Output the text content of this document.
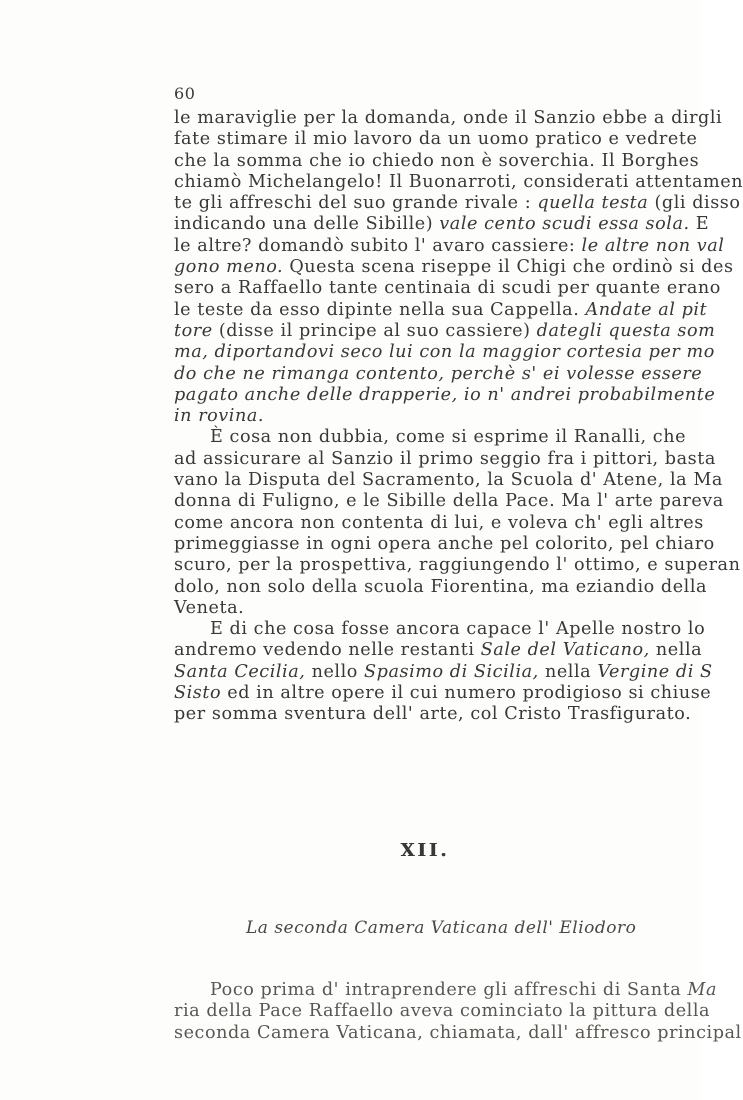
60
le maraviglie per la domanda, onde il Sanzio ebbe a dirgli
fate stimare il mio lavoro da un uomo pratico e vedrete
che la somma che io chiedo non è soverchia. Il Borghes
chiamò Michelangelo! Il Buonarroti, considerati attentamen
te gli affreschi del suo grande rivale : quella testa (gli disso
indicando una delle Sibille) vale cento scudi essa sola. E
le altre? domandò subito l' avaro cassiere: le altre non val
gono meno. Questa scena riseppe il Chigi che ordinò si des
sero a Raffaello tante centinaia di scudi per quante erano
le teste da esso dipinte nella sua Cappella. Andate al pit
tore (disse il principe al suo cassiere) dategli questa som
ma, diportandovi seco lui con la maggior cortesia per mo
do che ne rimanga contento, perchè s' ei volesse essere
pagato anche delle drapperie, io n' andrei probabilmente
in rovina.
È cosa non dubbia, come si esprime il Ranalli, che
ad assicurare al Sanzio il primo seggio fra i pittori, basta
vano la Disputa del Sacramento, la Scuola d' Atene, la Ma
donna di Fuligno, e le Sibille della Pace. Ma l' arte pareva
come ancora non contenta di lui, e voleva ch' egli altres
primeggiasse in ogni opera anche pel colorito, pel chiaro
scuro, per la prospettiva, raggiungendo l' ottimo, e superan
dolo, non solo della scuola Fiorentina, ma eziandio della
Veneta.
E di che cosa fosse ancora capace l' Apelle nostro lo
andremo vedendo nelle restanti Sale del Vaticano, nella
Santa Cecilia, nello Spasimo di Sicilia, nella Vergine di S
Sisto ed in altre opere il cui numero prodigioso si chiuse
per somma sventura dell' arte, col Cristo Trasfigurato.
XII.
La seconda Camera Vaticana dell' Eliodoro
Poco prima d' intraprendere gli affreschi di Santa Ma
ria della Pace Raffaello aveva cominciato la pittura della
seconda Camera Vaticana, chiamata, dall' affresco principal
